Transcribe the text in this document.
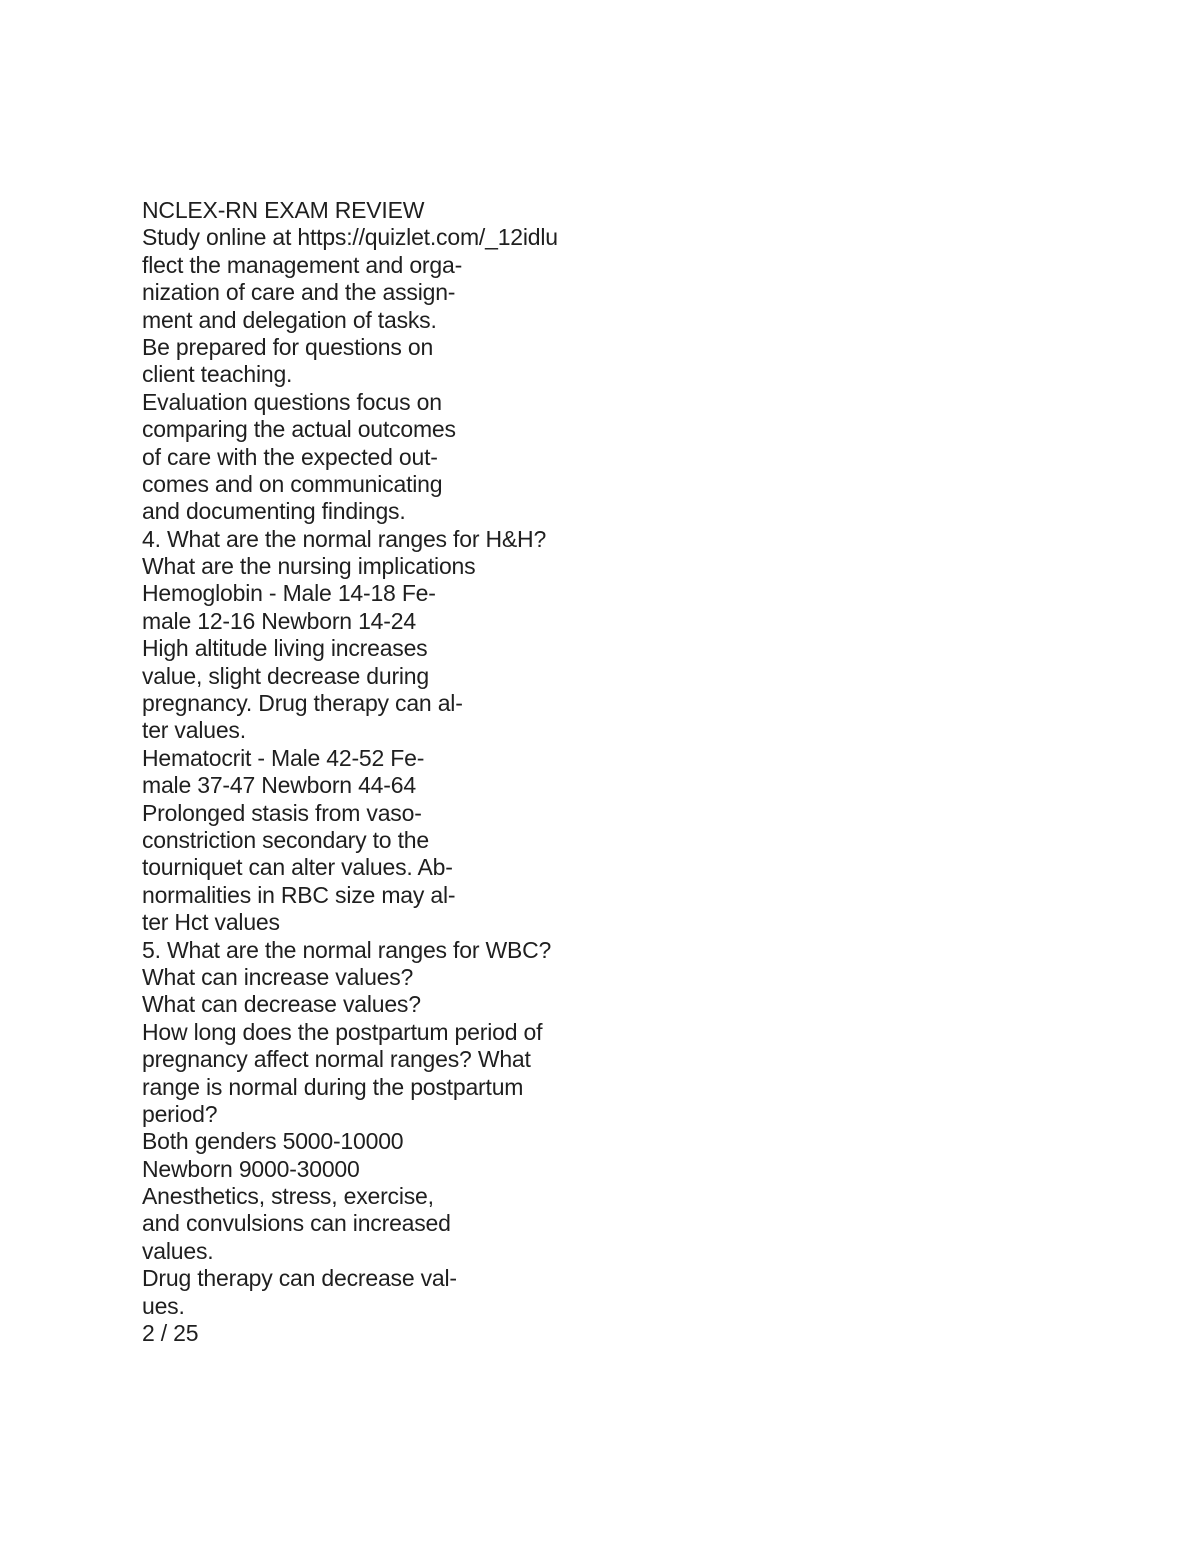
NCLEX-RN EXAM REVIEW
Study online at https://quizlet.com/_12idlu
flect the management and orga-
nization of care and the assign-
ment and delegation of tasks.
Be prepared for questions on
client teaching.
Evaluation questions focus on
comparing the actual outcomes
of care with the expected out-
comes and on communicating
and documenting findings.
4. What are the normal ranges for H&H?
What are the nursing implications
Hemoglobin - Male 14-18 Fe-
male 12-16 Newborn 14-24
High altitude living increases
value, slight decrease during
pregnancy. Drug therapy can al-
ter values.
Hematocrit - Male 42-52 Fe-
male 37-47 Newborn 44-64
Prolonged stasis from vaso-
constriction secondary to the
tourniquet can alter values. Ab-
normalities in RBC size may al-
ter Hct values
5. What are the normal ranges for WBC?
What can increase values?
What can decrease values?
How long does the postpartum period of
pregnancy affect normal ranges? What
range is normal during the postpartum
period?
Both genders 5000-10000
Newborn 9000-30000
Anesthetics, stress, exercise,
and convulsions can increased
values.
Drug therapy can decrease val-
ues.
2 / 25
